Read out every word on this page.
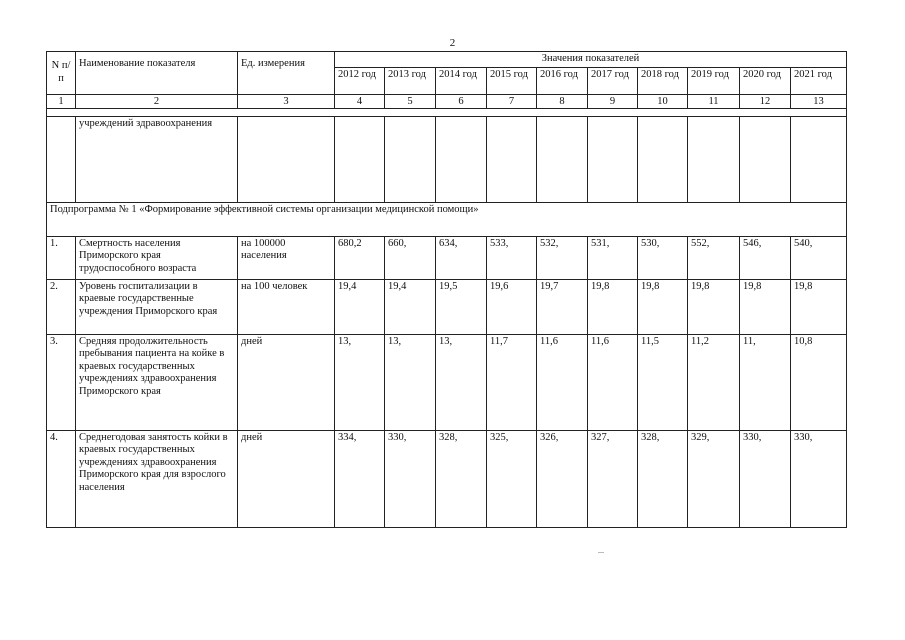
2
N п/п	Наименование показателя	Ед. измерения	Значения показателей									
			2012 год	2013 год	2014 год	2015 год	2016 год	2017 год	2018 год	2019 год	2020 год	2021 год
1	2	3	4	5	6	7	8	9	10	11	12	13

	учреждений здравоохранения											
Подпрограмма № 1 «Формирование эффективной системы организации медицинской помощи»												
1.	Смертность населения Приморского края трудоспособного возраста	на 100000 населения	680,2	660,	634,	533,	532,	531,	530,	552,	546,	540,
2.	Уровень госпитализации в краевые государственные учреждения Приморского края	на 100 человек	19,4	19,4	19,5	19,6	19,7	19,8	19,8	19,8	19,8	19,8
3.	Средняя продолжительность пребывания пациента на койке в краевых государственных учреждениях здравоохранения Приморского края	дней	13,	13,	13,	11,7	11,6	11,6	11,5	11,2	11,	10,8
4.	Среднегодовая занятость койки в краевых государственных учреждениях здравоохранения Приморского края для взрослого населения	дней	334,	330,	328,	325,	326,	327,	328,	329,	330,	330,
